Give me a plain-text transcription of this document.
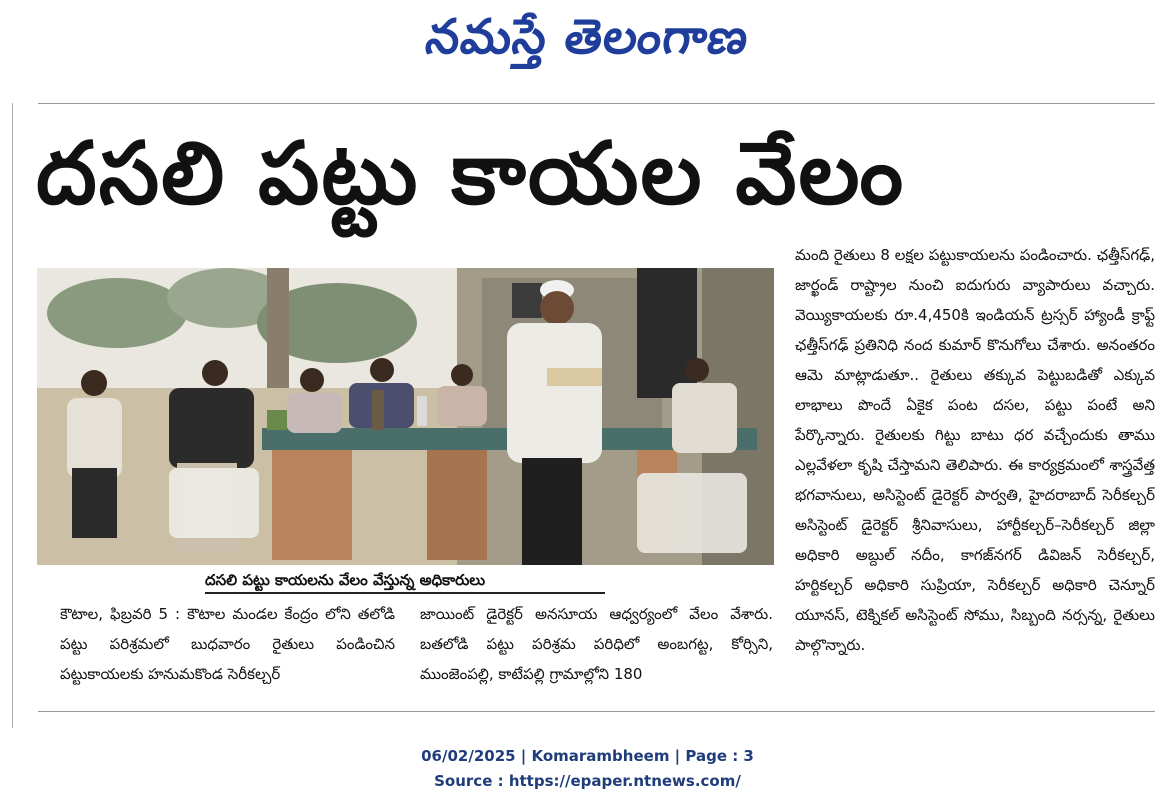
నమస్తే తెలంగాణ
దసలి పట్టు కాయల వేలం
దసలి పట్టు కాయలను వేలం వేస్తున్న అధికారులు

కౌటాల, ఫిబ్రవరి 5 : కౌటాల మండల కేంద్రం లోని తలోడి పట్టు పరిశ్రమలో బుధవారం రైతులు పండించిన పట్టుకాయలకు హనుమకొండ సెరీకల్చర్

జాయింట్ డైరెక్టర్ అనసూయ ఆధ్వర్యంలో వేలం వేశారు. బతలోడి పట్టు పరిశ్రమ పరిధిలో అంబగట్ట, కోర్సిని, ముంజెంపల్లి, కాటేపల్లి గ్రామాల్లోని 180

మంది రైతులు 8 లక్షల పట్టుకాయలను పండించారు. ఛత్తీస్‌గఢ్, జార్ఖండ్ రాష్ట్రాల నుంచి ఐదుగురు వ్యాపారులు వచ్చారు. వెయ్యికాయలకు రూ.4,450కి ఇండియన్ ట్రస్సర్ హ్యాండీ క్రాఫ్ట్ ఛత్తీస్‌గఢ్ ప్రతినిధి నంద కుమార్ కొనుగోలు చేశారు. అనంతరం ఆమె మాట్లాడుతూ.. రైతులు తక్కువ పెట్టుబడితో ఎక్కువ లాభాలు పొందే ఏకైక పంట దసల, పట్టు పంటే అని పేర్కొన్నారు. రైతులకు గిట్టు బాటు ధర వచ్చేందుకు తాము ఎల్లవేళలా కృషి చేస్తామని తెలిపారు. ఈ కార్యక్రమంలో శాస్త్రవేత్త భగవానులు, అసిస్టెంట్ డైరెక్టర్ పార్వతి, హైదరాబాద్ సెరీకల్చర్ అసిస్టెంట్ డైరెక్టర్ శ్రీనివాసులు, హార్టీకల్చర్–సెరీకల్చర్ జిల్లా అధికారి అబ్దుల్ నదీం, కాగజ్‌నగర్ డివిజన్ సెరీకల్చర్, హర్టికల్చర్ అధికారి సుప్రియా, సెరీకల్చర్ అధికారి చెన్నూర్ యూనస్, టెక్నికల్ అసిస్టెంట్ సోము, సిబ్బంది నర్సన్న, రైతులు పాల్గొన్నారు.

06/02/2025 | Komarambheem | Page : 3
Source : https://epaper.ntnews.com/
